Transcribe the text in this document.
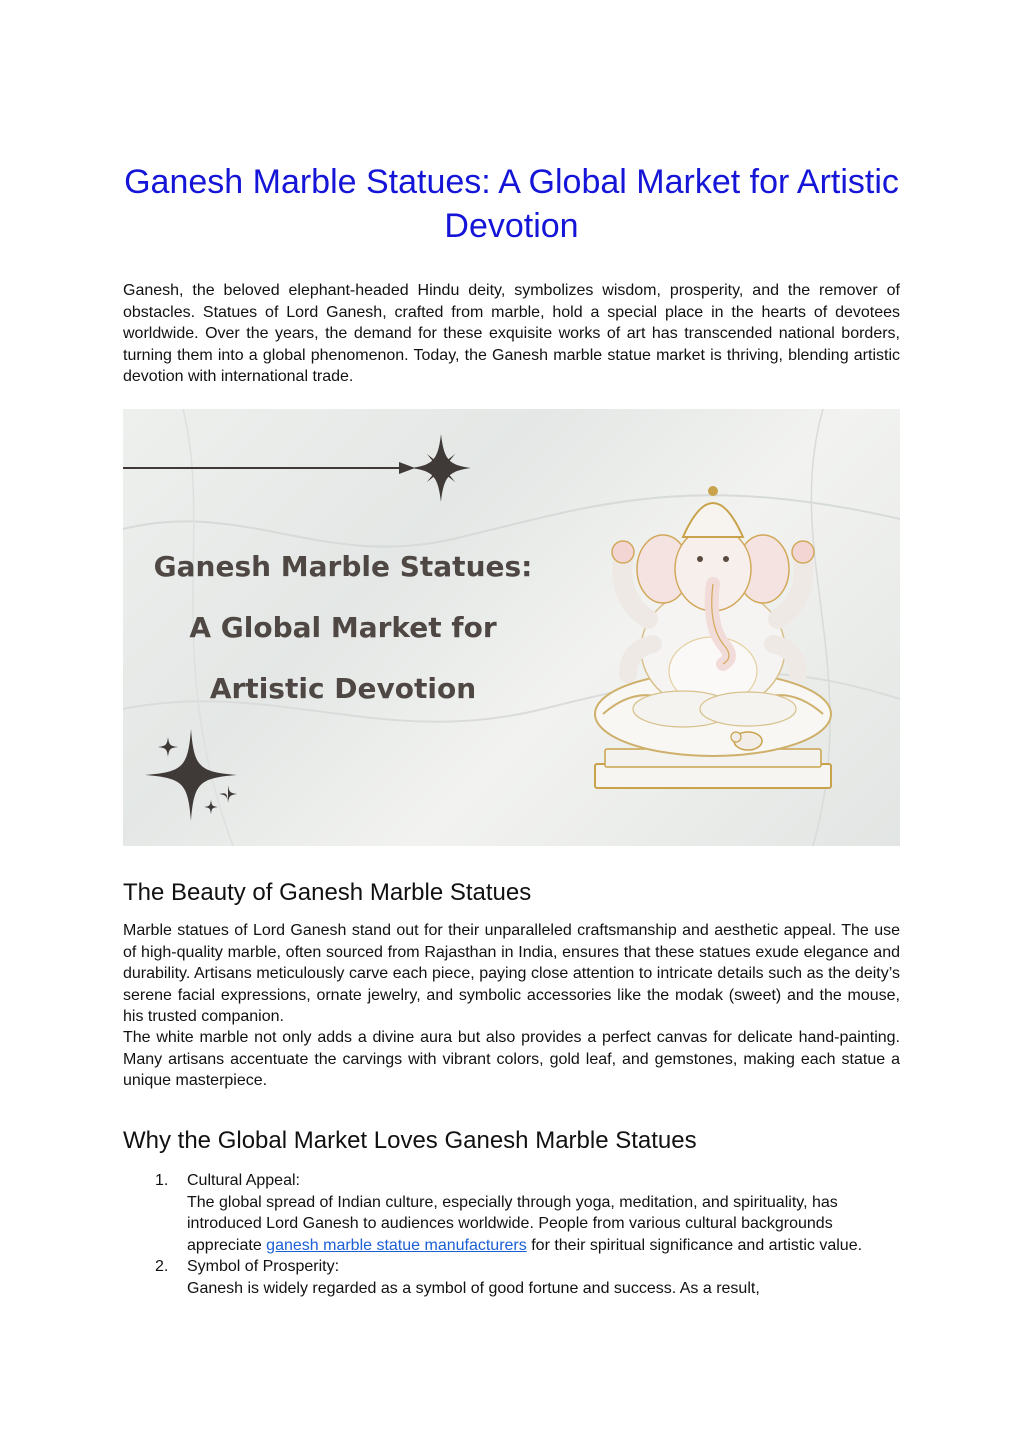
Ganesh Marble Statues: A Global Market for Artistic Devotion

Ganesh, the beloved elephant-headed Hindu deity, symbolizes wisdom, prosperity, and the remover of obstacles. Statues of Lord Ganesh, crafted from marble, hold a special place in the hearts of devotees worldwide. Over the years, the demand for these exquisite works of art has transcended national borders, turning them into a global phenomenon. Today, the Ganesh marble statue market is thriving, blending artistic devotion with international trade.

Ganesh Marble Statues:

A Global Market for

Artistic Devotion

The Beauty of Ganesh Marble Statues

Marble statues of Lord Ganesh stand out for their unparalleled craftsmanship and aesthetic appeal. The use of high-quality marble, often sourced from Rajasthan in India, ensures that these statues exude elegance and durability. Artisans meticulously carve each piece, paying close attention to intricate details such as the deity’s serene facial expressions, ornate jewelry, and symbolic accessories like the modak (sweet) and the mouse, his trusted companion.

The white marble not only adds a divine aura but also provides a perfect canvas for delicate hand-painting. Many artisans accentuate the carvings with vibrant colors, gold leaf, and gemstones, making each statue a unique masterpiece.

Why the Global Market Loves Ganesh Marble Statues
1. Cultural Appeal:
The global spread of Indian culture, especially through yoga, meditation, and spirituality, has introduced Lord Ganesh to audiences worldwide. People from various cultural backgrounds appreciate ganesh marble statue manufacturers for their spiritual significance and artistic value.
2. Symbol of Prosperity:
Ganesh is widely regarded as a symbol of good fortune and success. As a result,
